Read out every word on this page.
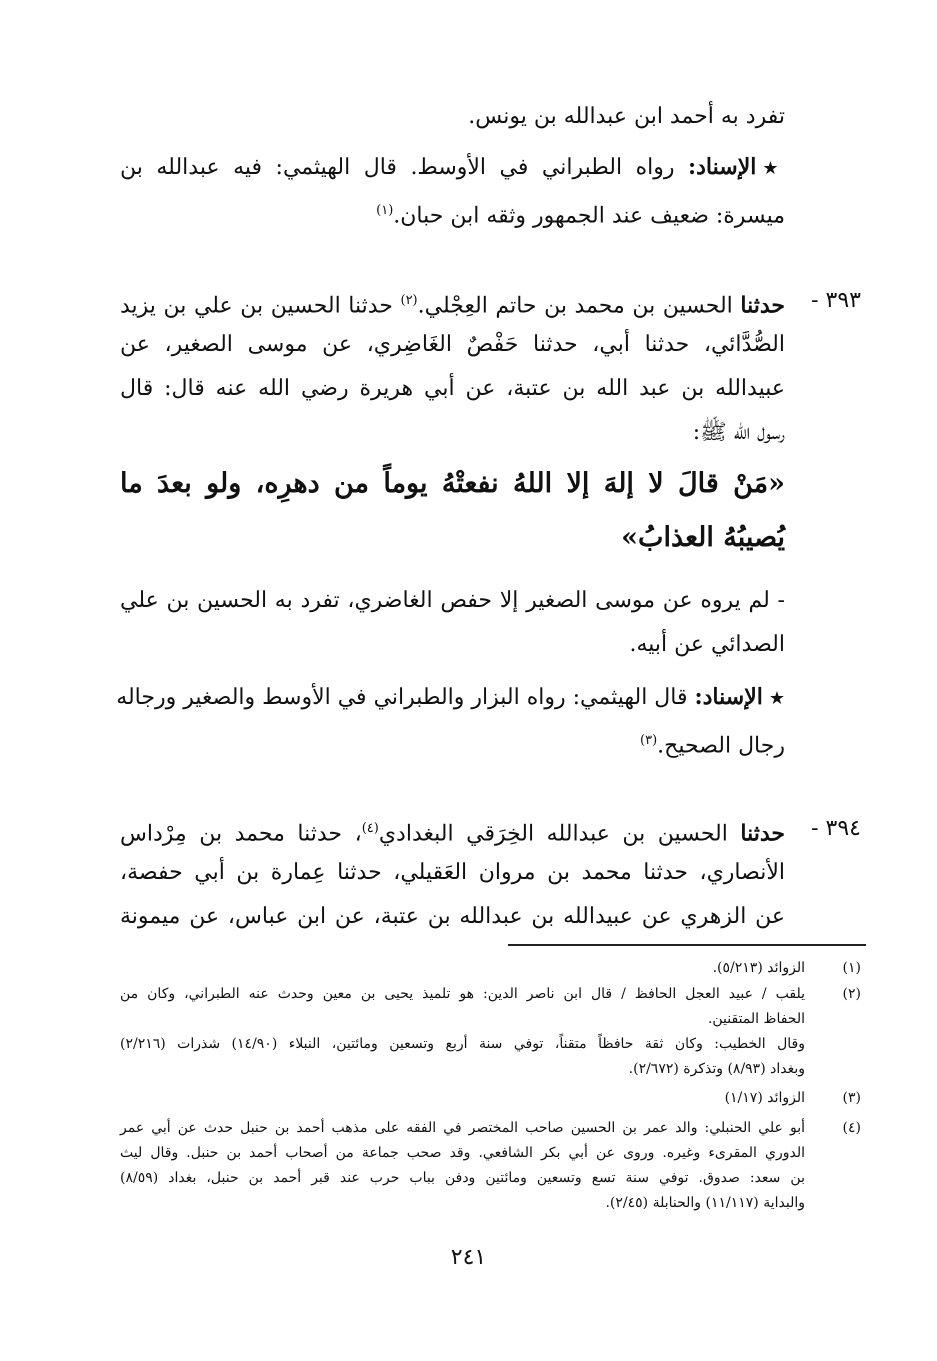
تفرد به أحمد ابن عبدالله بن يونس.
★الإسناد: رواه الطبراني في الأوسط. قال الهيثمي: فيه عبدالله بن
ميسرة: ضعيف عند الجمهور وثقه ابن حبان.$^{(١)}$
٣٩٣ -
حدثنا الحسين بن محمد بن حاتم العِجْلي.$^{(٢)}$ حدثنا الحسين بن علي بن يزيد
الصُّدَّائي، حدثنا أبي، حدثنا حَفْصٌ الغَاضِري، عن موسى الصغير، عن
عبيدالله بن عبد الله بن عتبة، عن أبي هريرة رضي الله عنه قال: قال
رسول الله ﷺ:
«مَنْ قالَ لا إلهَ إلا اللهُ نفعتْهُ يوماً من دهرِه، ولو بعدَ ما
يُصيبُهُ العذابُ»
- لم يروه عن موسى الصغير إلا حفص الغاضري، تفرد به الحسين بن علي
الصدائي عن أبيه.
★الإسناد: قال الهيثمي: رواه البزار والطبراني في الأوسط والصغير ورجاله
رجال الصحيح.$^{(٣)}$
٣٩٤ -
حدثنا الحسين بن عبدالله الخِرَقي البغدادي$^{(٤)}$، حدثنا محمد بن مِرْداس
الأنصاري، حدثنا محمد بن مروان العَقيلي، حدثنا عِمارة بن أبي حفصة،
عن الزهري عن عبيدالله بن عبدالله بن عتبة، عن ابن عباس، عن ميمونة
(١)
الزوائد (٥/٢١٣).
(٢)
يلقب / عبيد العجل الحافظ / قال ابن ناصر الدين: هو تلميذ يحيى بن معين وحدث عنه الطبراني، وكان من
الحفاظ المتقنين.
وقال الخطيب: وكان ثقة حافظاً متقناً، توفي سنة أربع وتسعين ومائتين، النبلاء (١٤/٩٠) شذرات (٢/٢١٦)
وبغداد (٨/٩٣) وتذكرة (٢/٦٧٢).
(٣)
الزوائد (١/١٧)
(٤)
أبو علي الحنبلي: والد عمر بن الحسين صاحب المختصر في الفقه على مذهب أحمد بن حنبل حدث عن أبي عمر
الدوري المقرىء وغيره. وروى عن أبي بكر الشافعي. وقد صحب جماعة من أصحاب أحمد بن حنبل. وقال ليث
بن سعد: صدوق. توفي سنة تسع وتسعين ومائتين ودفن بباب حرب عند قبر أحمد بن حنبل، بغداد (٨/٥٩)
والبداية (١١/١١٧) والحنابلة (٢/٤٥).
٢٤١
